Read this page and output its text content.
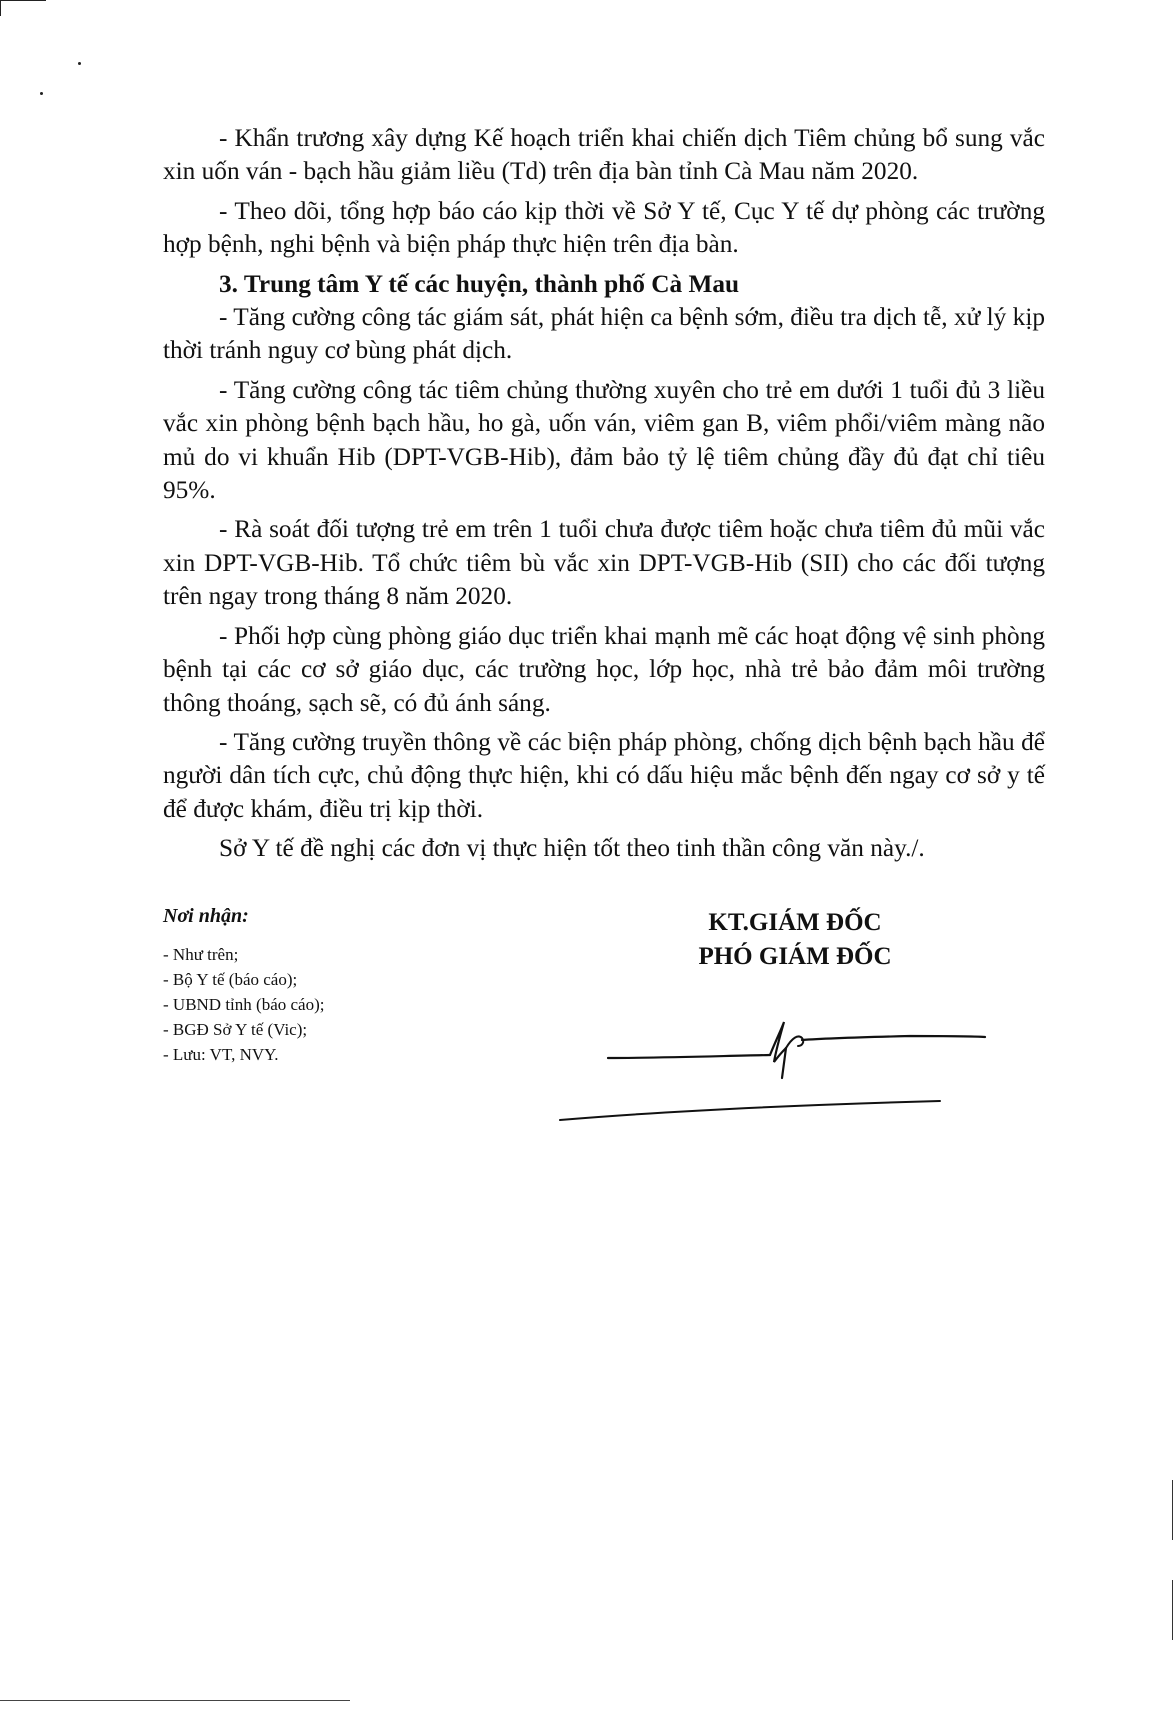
- Khẩn trương xây dựng Kế hoạch triển khai chiến dịch Tiêm chủng bổ sung vắc xin uốn ván - bạch hầu giảm liều (Td) trên địa bàn tỉnh Cà Mau năm 2020.

- Theo dõi, tổng hợp báo cáo kịp thời về Sở Y tế, Cục Y tế dự phòng các trường hợp bệnh, nghi bệnh và biện pháp thực hiện trên địa bàn.

3. Trung tâm Y tế các huyện, thành phố Cà Mau

- Tăng cường công tác giám sát, phát hiện ca bệnh sớm, điều tra dịch tễ, xử lý kịp thời tránh nguy cơ bùng phát dịch.

- Tăng cường công tác tiêm chủng thường xuyên cho trẻ em dưới 1 tuổi đủ 3 liều vắc xin phòng bệnh bạch hầu, ho gà, uốn ván, viêm gan B, viêm phổi/viêm màng não mủ do vi khuẩn Hib (DPT-VGB-Hib), đảm bảo tỷ lệ tiêm chủng đầy đủ đạt chỉ tiêu 95%.

- Rà soát đối tượng trẻ em trên 1 tuổi chưa được tiêm hoặc chưa tiêm đủ mũi vắc xin DPT-VGB-Hib. Tổ chức tiêm bù vắc xin DPT-VGB-Hib (SII) cho các đối tượng trên ngay trong tháng 8 năm 2020.

- Phối hợp cùng phòng giáo dục triển khai mạnh mẽ các hoạt động vệ sinh phòng bệnh tại các cơ sở giáo dục, các trường học, lớp học, nhà trẻ bảo đảm môi trường thông thoáng, sạch sẽ, có đủ ánh sáng.

- Tăng cường truyền thông về các biện pháp phòng, chống dịch bệnh bạch hầu để người dân tích cực, chủ động thực hiện, khi có dấu hiệu mắc bệnh đến ngay cơ sở y tế để được khám, điều trị kịp thời.

Sở Y tế đề nghị các đơn vị thực hiện tốt theo tinh thần công văn này./.

Nơi nhận:

- Như trên;
- Bộ Y tế (báo cáo);
- UBND tỉnh (báo cáo);
- BGĐ Sở Y tế (Vic);
- Lưu: VT, NVY.
KT.GIÁM ĐỐC
PHÓ GIÁM ĐỐC
